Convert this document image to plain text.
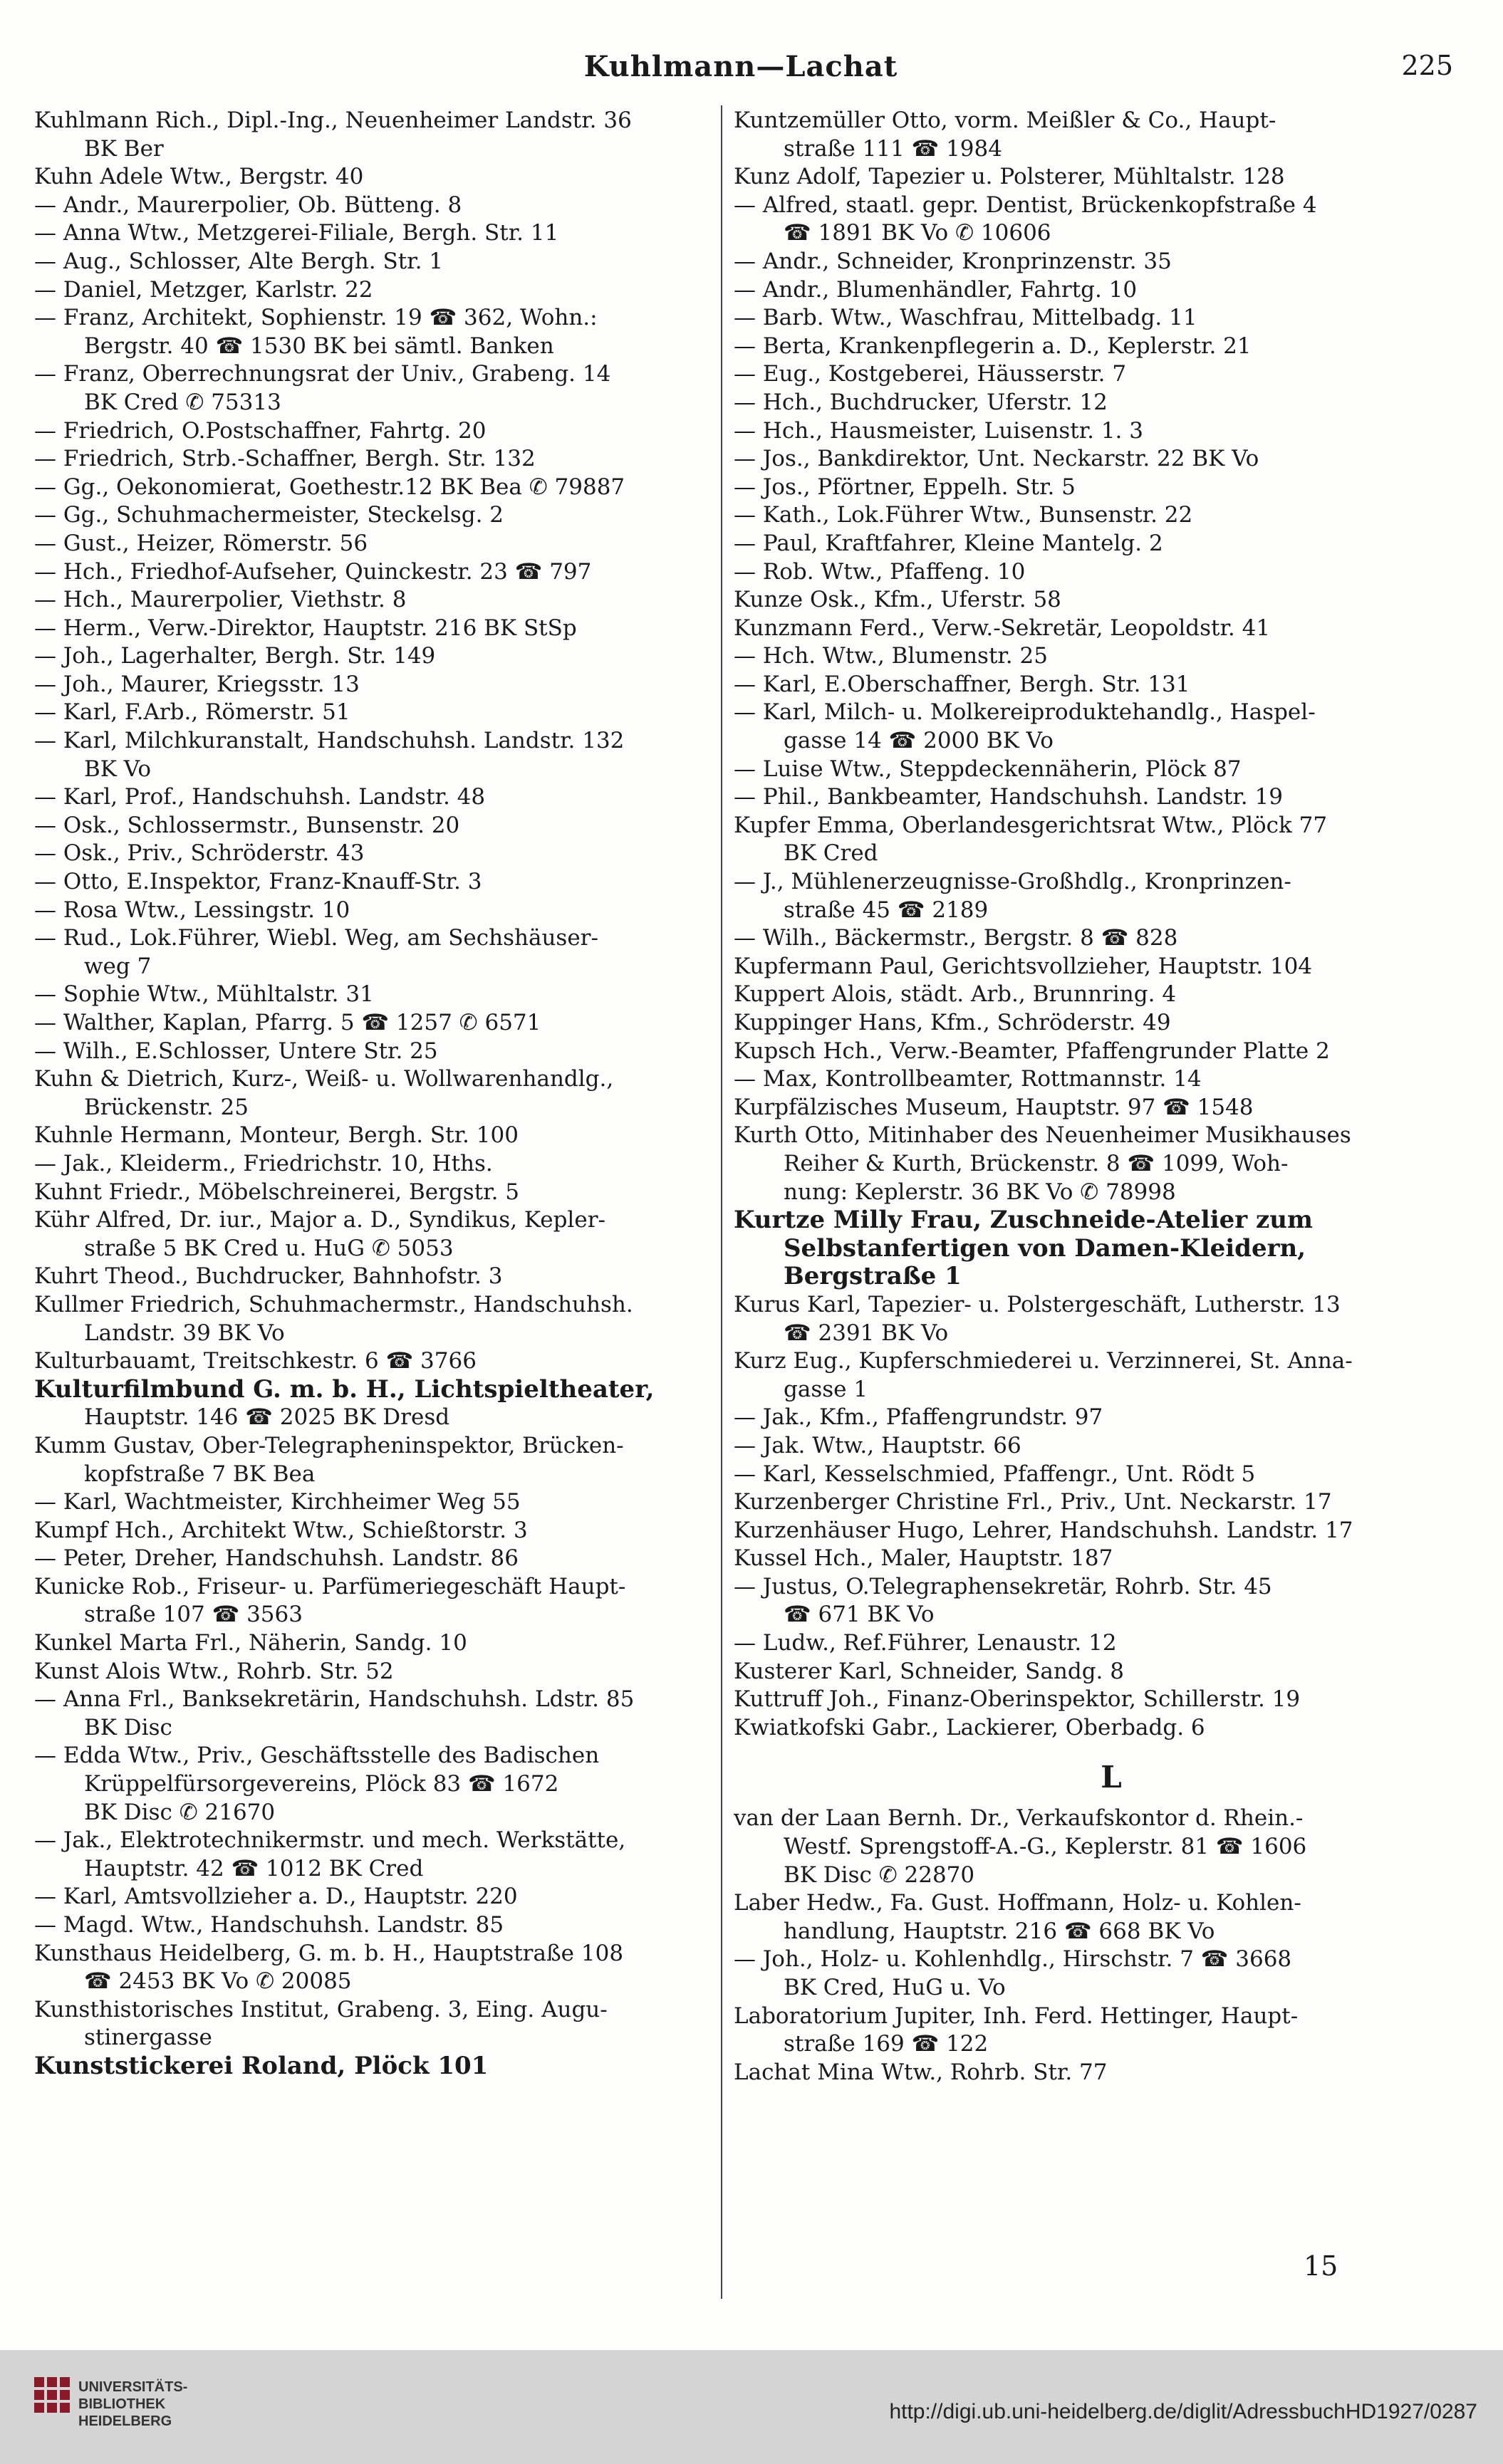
Kuhlmann—Lachat	225

Kuhlmann Rich., Dipl.-Ing., Neuenheimer Landstr. 36

BK Ber

Kuhn Adele Wtw., Bergstr. 40

— Andr., Maurerpolier, Ob. Bütteng. 8

— Anna Wtw., Metzgerei-Filiale, Bergh. Str. 11

— Aug., Schlosser, Alte Bergh. Str. 1

— Daniel, Metzger, Karlstr. 22

— Franz, Architekt, Sophienstr. 19 ☎ 362, Wohn.:

Bergstr. 40 ☎ 1530 BK bei sämtl. Banken

— Franz, Oberrechnungsrat der Univ., Grabeng. 14

BK Cred ✆ 75313

— Friedrich, O.Postschaffner, Fahrtg. 20

— Friedrich, Strb.-Schaffner, Bergh. Str. 132

— Gg., Oekonomierat, Goethestr.12 BK Bea ✆ 79887

— Gg., Schuhmachermeister, Steckelsg. 2

— Gust., Heizer, Römerstr. 56

— Hch., Friedhof-Aufseher, Quinckestr. 23 ☎ 797

— Hch., Maurerpolier, Viethstr. 8

— Herm., Verw.-Direktor, Hauptstr. 216 BK StSp

— Joh., Lagerhalter, Bergh. Str. 149

— Joh., Maurer, Kriegsstr. 13

— Karl, F.Arb., Römerstr. 51

— Karl, Milchkuranstalt, Handschuhsh. Landstr. 132

BK Vo

— Karl, Prof., Handschuhsh. Landstr. 48

— Osk., Schlossermstr., Bunsenstr. 20

— Osk., Priv., Schröderstr. 43

— Otto, E.Inspektor, Franz-Knauff-Str. 3

— Rosa Wtw., Lessingstr. 10

— Rud., Lok.Führer, Wiebl. Weg, am Sechshäuser-

weg 7

— Sophie Wtw., Mühltalstr. 31

— Walther, Kaplan, Pfarrg. 5 ☎ 1257 ✆ 6571

— Wilh., E.Schlosser, Untere Str. 25

Kuhn & Dietrich, Kurz-, Weiß- u. Wollwarenhandlg.,

Brückenstr. 25

Kuhnle Hermann, Monteur, Bergh. Str. 100

— Jak., Kleiderm., Friedrichstr. 10, Hths.

Kuhnt Friedr., Möbelschreinerei, Bergstr. 5

Kühr Alfred, Dr. iur., Major a. D., Syndikus, Kepler-

straße 5 BK Cred u. HuG ✆ 5053

Kuhrt Theod., Buchdrucker, Bahnhofstr. 3

Kullmer Friedrich, Schuhmachermstr., Handschuhsh.

Landstr. 39 BK Vo

Kulturbauamt, Treitschkestr. 6 ☎ 3766

Kulturfilmbund G. m. b. H., Lichtspieltheater,

Hauptstr. 146 ☎ 2025 BK Dresd

Kumm Gustav, Ober-Telegrapheninspektor, Brücken-

kopfstraße 7 BK Bea

— Karl, Wachtmeister, Kirchheimer Weg 55

Kumpf Hch., Architekt Wtw., Schießtorstr. 3

— Peter, Dreher, Handschuhsh. Landstr. 86

Kunicke Rob., Friseur- u. Parfümeriegeschäft Haupt-

straße 107 ☎ 3563

Kunkel Marta Frl., Näherin, Sandg. 10

Kunst Alois Wtw., Rohrb. Str. 52

— Anna Frl., Banksekretärin, Handschuhsh. Ldstr. 85

BK Disc

— Edda Wtw., Priv., Geschäftsstelle des Badischen

Krüppelfürsorgevereins, Plöck 83 ☎ 1672

BK Disc ✆ 21670

— Jak., Elektrotechnikermstr. und mech. Werkstätte,

Hauptstr. 42 ☎ 1012 BK Cred

— Karl, Amtsvollzieher a. D., Hauptstr. 220

— Magd. Wtw., Handschuhsh. Landstr. 85

Kunsthaus Heidelberg, G. m. b. H., Hauptstraße 108

☎ 2453 BK Vo ✆ 20085

Kunsthistorisches Institut, Grabeng. 3, Eing. Augu-

stinergasse

Kunststickerei Roland, Plöck 101

Kuntzemüller Otto, vorm. Meißler & Co., Haupt-

straße 111 ☎ 1984

Kunz Adolf, Tapezier u. Polsterer, Mühltalstr. 128

— Alfred, staatl. gepr. Dentist, Brückenkopfstraße 4

☎ 1891 BK Vo ✆ 10606

— Andr., Schneider, Kronprinzenstr. 35

— Andr., Blumenhändler, Fahrtg. 10

— Barb. Wtw., Waschfrau, Mittelbadg. 11

— Berta, Krankenpflegerin a. D., Keplerstr. 21

— Eug., Kostgeberei, Häusserstr. 7

— Hch., Buchdrucker, Uferstr. 12

— Hch., Hausmeister, Luisenstr. 1. 3

— Jos., Bankdirektor, Unt. Neckarstr. 22 BK Vo

— Jos., Pförtner, Eppelh. Str. 5

— Kath., Lok.Führer Wtw., Bunsenstr. 22

— Paul, Kraftfahrer, Kleine Mantelg. 2

— Rob. Wtw., Pfaffeng. 10

Kunze Osk., Kfm., Uferstr. 58

Kunzmann Ferd., Verw.-Sekretär, Leopoldstr. 41

— Hch. Wtw., Blumenstr. 25

— Karl, E.Oberschaffner, Bergh. Str. 131

— Karl, Milch- u. Molkereiproduktehandlg., Haspel-

gasse 14 ☎ 2000 BK Vo

— Luise Wtw., Steppdeckennäherin, Plöck 87

— Phil., Bankbeamter, Handschuhsh. Landstr. 19

Kupfer Emma, Oberlandesgerichtsrat Wtw., Plöck 77

BK Cred

— J., Mühlenerzeugnisse-Großhdlg., Kronprinzen-

straße 45 ☎ 2189

— Wilh., Bäckermstr., Bergstr. 8 ☎ 828

Kupfermann Paul, Gerichtsvollzieher, Hauptstr. 104

Kuppert Alois, städt. Arb., Brunnring. 4

Kuppinger Hans, Kfm., Schröderstr. 49

Kupsch Hch., Verw.-Beamter, Pfaffengrunder Platte 2

— Max, Kontrollbeamter, Rottmannstr. 14

Kurpfälzisches Museum, Hauptstr. 97 ☎ 1548

Kurth Otto, Mitinhaber des Neuenheimer Musikhauses

Reiher & Kurth, Brückenstr. 8 ☎ 1099, Woh-

nung: Keplerstr. 36 BK Vo ✆ 78998

Kurtze Milly Frau, Zuschneide-Atelier zum

Selbstanfertigen von Damen-Kleidern,

Bergstraße 1

Kurus Karl, Tapezier- u. Polstergeschäft, Lutherstr. 13

☎ 2391 BK Vo

Kurz Eug., Kupferschmiederei u. Verzinnerei, St. Anna-

gasse 1

— Jak., Kfm., Pfaffengrundstr. 97

— Jak. Wtw., Hauptstr. 66

— Karl, Kesselschmied, Pfaffengr., Unt. Rödt 5

Kurzenberger Christine Frl., Priv., Unt. Neckarstr. 17

Kurzenhäuser Hugo, Lehrer, Handschuhsh. Landstr. 17

Kussel Hch., Maler, Hauptstr. 187

— Justus, O.Telegraphensekretär, Rohrb. Str. 45

☎ 671 BK Vo

— Ludw., Ref.Führer, Lenaustr. 12

Kusterer Karl, Schneider, Sandg. 8

Kuttruff Joh., Finanz-Oberinspektor, Schillerstr. 19

Kwiatkofski Gabr., Lackierer, Oberbadg. 6

L

van der Laan Bernh. Dr., Verkaufskontor d. Rhein.-

Westf. Sprengstoff-A.-G., Keplerstr. 81 ☎ 1606

BK Disc ✆ 22870

Laber Hedw., Fa. Gust. Hoffmann, Holz- u. Kohlen-

handlung, Hauptstr. 216 ☎ 668 BK Vo

— Joh., Holz- u. Kohlenhdlg., Hirschstr. 7 ☎ 3668

BK Cred, HuG u. Vo

Laboratorium Jupiter, Inh. Ferd. Hettinger, Haupt-

straße 169 ☎ 122

Lachat Mina Wtw., Rohrb. Str. 77

15
UNIVERSITÄTS-
BIBLIOTHEK
HEIDELBERG	http://digi.ub.uni-heidelberg.de/diglit/AdressbuchHD1927/0287
